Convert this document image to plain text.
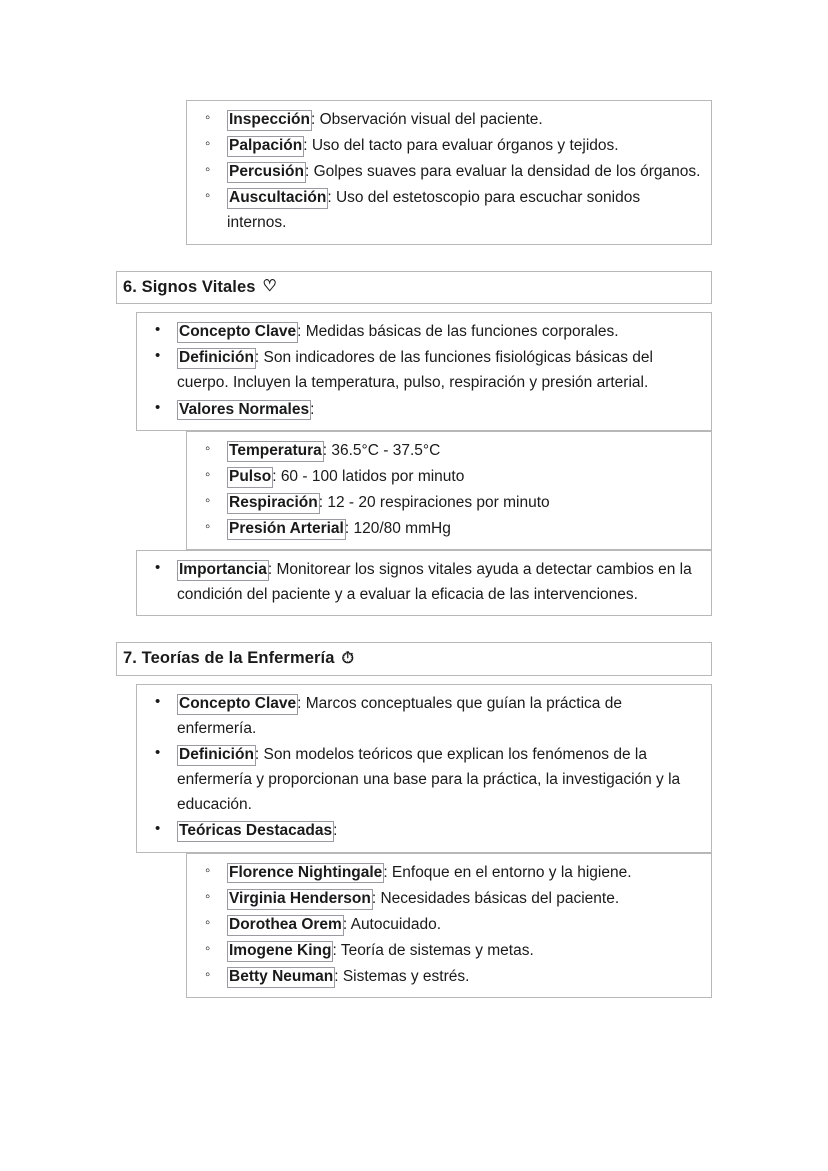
◦ Inspección: Observación visual del paciente.
◦ Palpación: Uso del tacto para evaluar órganos y tejidos.
◦ Percusión: Golpes suaves para evaluar la densidad de los órganos.
◦ Auscultación: Uso del estetoscopio para escuchar sonidos internos.
6. Signos Vitales ♡
• Concepto Clave: Medidas básicas de las funciones corporales.
• Definición: Son indicadores de las funciones fisiológicas básicas del cuerpo. Incluyen la temperatura, pulso, respiración y presión arterial.
• Valores Normales:
◦ Temperatura: 36.5°C - 37.5°C
◦ Pulso: 60 - 100 latidos por minuto
◦ Respiración: 12 - 20 respiraciones por minuto
◦ Presión Arterial: 120/80 mmHg
• Importancia: Monitorear los signos vitales ayuda a detectar cambios en la condición del paciente y a evaluar la eficacia de las intervenciones.
7. Teorías de la Enfermería ⏱
• Concepto Clave: Marcos conceptuales que guían la práctica de enfermería.
• Definición: Son modelos teóricos que explican los fenómenos de la enfermería y proporcionan una base para la práctica, la investigación y la educación.
• Teóricas Destacadas:
◦ Florence Nightingale: Enfoque en el entorno y la higiene.
◦ Virginia Henderson: Necesidades básicas del paciente.
◦ Dorothea Orem: Autocuidado.
◦ Imogene King: Teoría de sistemas y metas.
◦ Betty Neuman: Sistemas y estrés.
